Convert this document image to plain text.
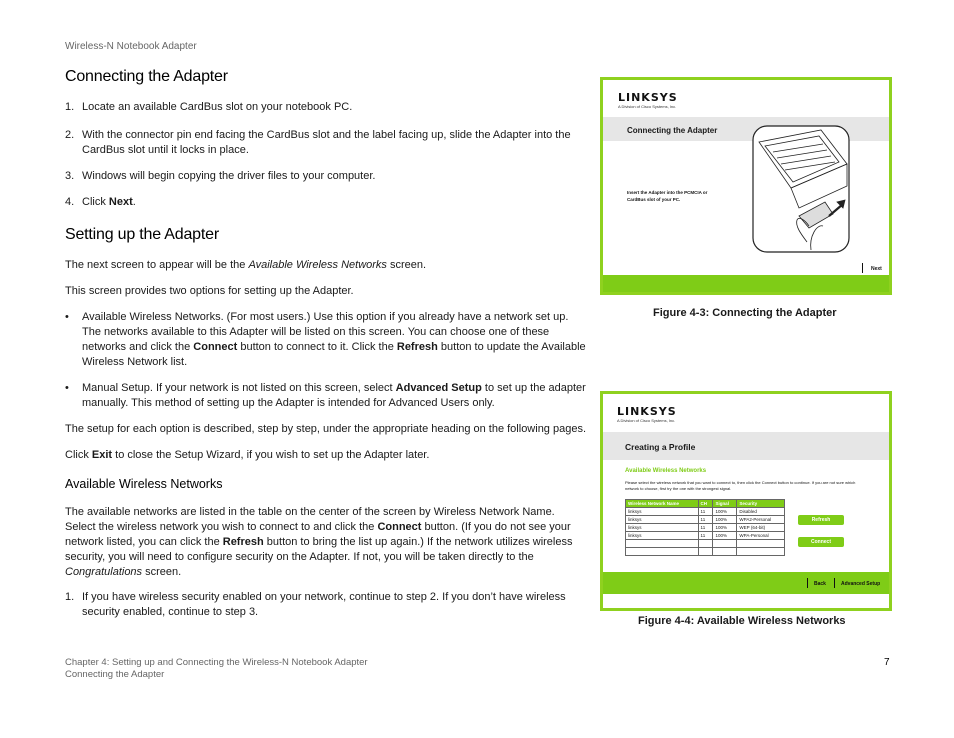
Wireless-N Notebook Adapter
Connecting the Adapter
1. Locate an available CardBus slot on your notebook PC.
2. With the connector pin end facing the CardBus slot and the label facing up, slide the Adapter into the CardBus slot until it locks in place.
3. Windows will begin copying the driver files to your computer.
4. Click Next.
Setting up the Adapter
The next screen to appear will be the Available Wireless Networks screen.
This screen provides two options for setting up the Adapter.
•	Available Wireless Networks. (For most users.) Use this option if you already have a network set up. The networks available to this Adapter will be listed on this screen. You can choose one of these networks and click the Connect button to connect to it. Click the Refresh button to update the Available Wireless Network list.
•	Manual Setup. If your network is not listed on this screen, select Advanced Setup to set up the adapter manually. This method of setting up the Adapter is intended for Advanced Users only.
The setup for each option is described, step by step, under the appropriate heading on the following pages.
Click Exit to close the Setup Wizard, if you wish to set up the Adapter later.
Available Wireless Networks
The available networks are listed in the table on the center of the screen by Wireless Network Name. Select the wireless network you wish to connect to and click the Connect button. (If you do not see your network listed, you can click the Refresh button to bring the list up again.) If the network utilizes wireless security, you will need to configure security on the Adapter. If not, you will be taken directly to the Congratulations screen.
1. If you have wireless security enabled on your network, continue to step 2. If you don’t have wireless security enabled, continue to step 3.
LINKSYS
A Division of Cisco Systems, Inc.
Connecting the Adapter
Insert the Adapter into the PCMCIA or CardBus slot of your PC.
Next
Figure 4-3: Connecting the Adapter
LINKSYS
A Division of Cisco Systems, Inc.
Creating a Profile
Available Wireless Networks
Please select the wireless network that you want to connect to, then click the Connect button to continue. If you are not sure which network to choose, first try the one with the strongest signal.
Wireless Network Name	CH	Signal	Security
linksys	11	100%	Disabled
linksys	11	100%	WPA2-Personal
linksys	11	100%	WEP (64-bit)
linksys	11	100%	WPA-Personal

Refresh
Connect
Back	Advanced Setup
Figure 4-4: Available Wireless Networks
Chapter 4: Setting up and Connecting the Wireless-N Notebook Adapter
Connecting the Adapter
7
